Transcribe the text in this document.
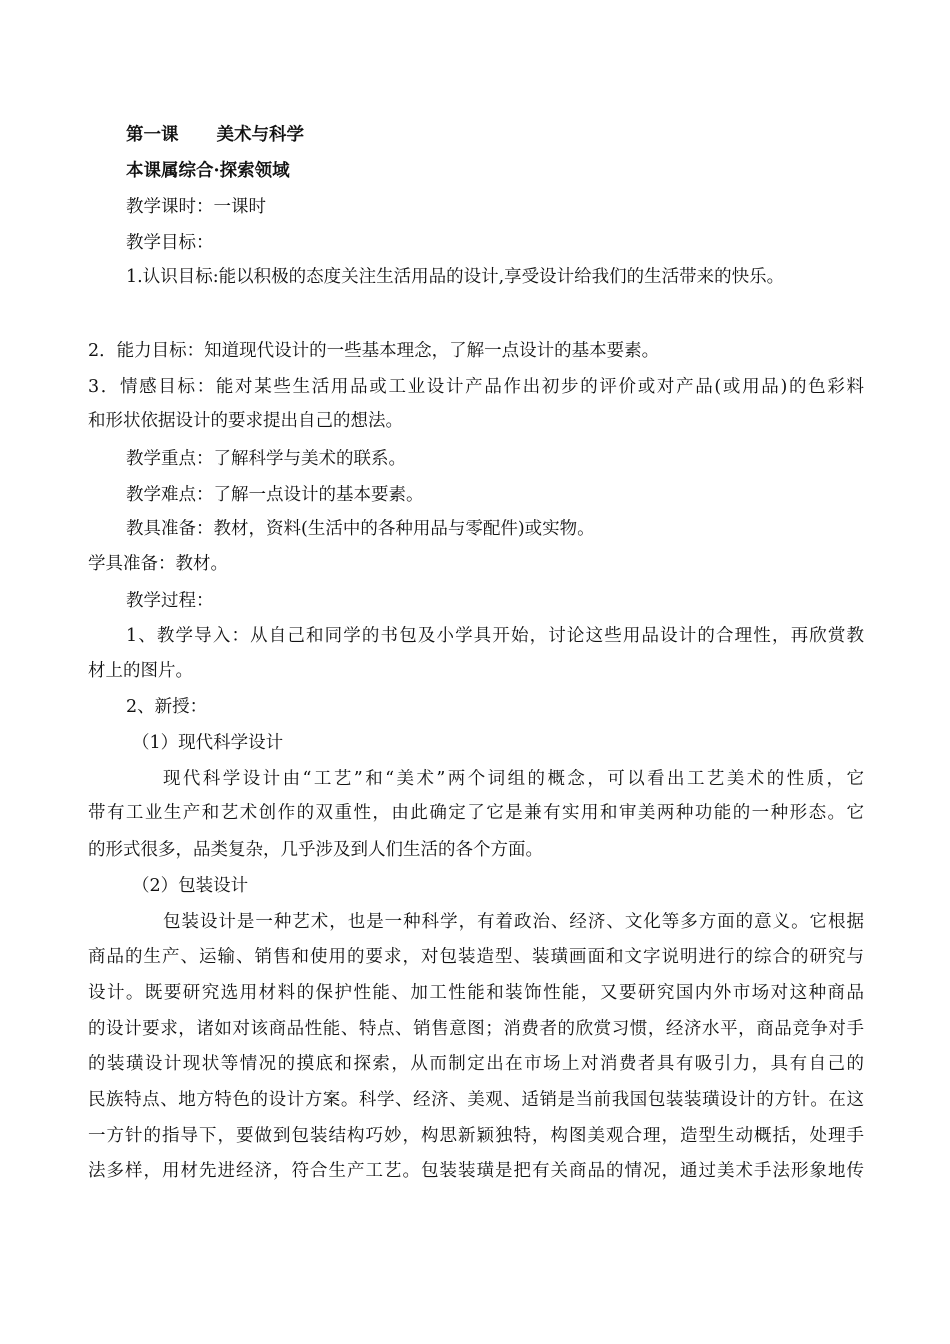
第一课 美术与科学
本课属综合·探索领域
教学课时：一课时
教学目标：
1.认识目标:能以积极的态度关注生活用品的设计,享受设计给我们的生活带来的快乐。
2．能力目标：知道现代设计的一些基本理念，了解一点设计的基本要素。
3．情感目标：能对某些生活用品或工业设计产品作出初步的评价或对产品(或用品)的色彩料
和形状依据设计的要求提出自己的想法。
教学重点：了解科学与美术的联系。
教学难点：了解一点设计的基本要素。
教具准备：教材，资料(生活中的各种用品与零配件)或实物。
学具准备：教材。
教学过程：
1、教学导入：从自己和同学的书包及小学具开始，讨论这些用品设计的合理性，再欣赏教
材上的图片。
2、新授：
（1）现代科学设计
现代科学设计由“工艺”和“美术”两个词组的概念，可以看出工艺美术的性质，它
带有工业生产和艺术创作的双重性，由此确定了它是兼有实用和审美两种功能的一种形态。它
的形式很多，品类复杂，几乎涉及到人们生活的各个方面。
（2）包装设计
包装设计是一种艺术，也是一种科学，有着政治、经济、文化等多方面的意义。它根据
商品的生产、运输、销售和使用的要求，对包装造型、装璜画面和文字说明进行的综合的研究与
设计。既要研究选用材料的保护性能、加工性能和装饰性能，又要研究国内外市场对这种商品
的设计要求，诸如对该商品性能、特点、销售意图；消费者的欣赏习惯，经济水平，商品竞争对手
的装璜设计现状等情况的摸底和探索，从而制定出在市场上对消费者具有吸引力，具有自己的
民族特点、地方特色的设计方案。科学、经济、美观、适销是当前我国包装装璜设计的方针。在这
一方针的指导下，要做到包装结构巧妙，构思新颖独特，构图美观合理，造型生动概括，处理手
法多样，用材先进经济，符合生产工艺。包装装璜是把有关商品的情况，通过美术手法形象地传
